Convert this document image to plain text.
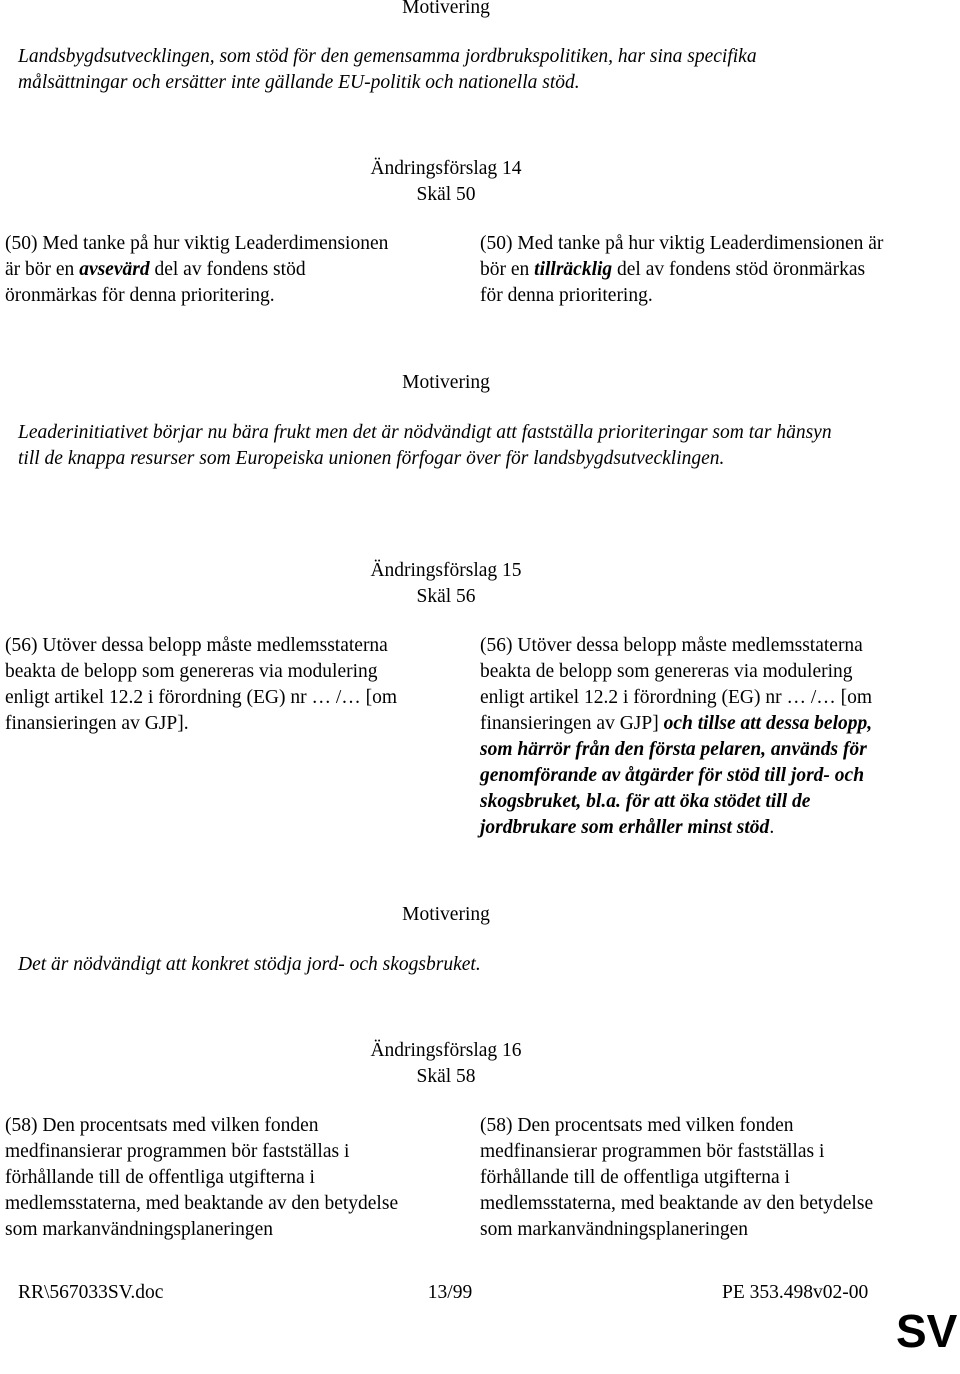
Motivering
Landsbygdsutvecklingen, som stöd för den gemensamma jordbrukspolitiken, har sina specifika målsättningar och ersätter inte gällande EU-politik och nationella stöd.
Ändringsförslag 14
Skäl 50
(50) Med tanke på hur viktig Leaderdimensionen är bör en avsevärd del av fondens stöd öronmärkas för denna prioritering.
(50) Med tanke på hur viktig Leaderdimensionen är bör en tillräcklig del av fondens stöd öronmärkas för denna prioritering.
Motivering
Leaderinitiativet börjar nu bära frukt men det är nödvändigt att fastställa prioriteringar som tar hänsyn till de knappa resurser som Europeiska unionen förfogar över för landsbygdsutvecklingen.
Ändringsförslag 15
Skäl 56
(56) Utöver dessa belopp måste medlemsstaterna beakta de belopp som genereras via modulering enligt artikel 12.2 i förordning (EG) nr … /… [om finansieringen av GJP].
(56) Utöver dessa belopp måste medlemsstaterna beakta de belopp som genereras via modulering enligt artikel 12.2 i förordning (EG) nr … /… [om finansieringen av GJP] och tillse att dessa belopp, som härrör från den första pelaren, används för genomförande av åtgärder för stöd till jord- och skogsbruket, bl.a. för att öka stödet till de jordbrukare som erhåller minst stöd.
Motivering
Det är nödvändigt att konkret stödja jord- och skogsbruket.
Ändringsförslag 16
Skäl 58
(58) Den procentsats med vilken fonden medfinansierar programmen bör fastställas i förhållande till de offentliga utgifterna i medlemsstaterna, med beaktande av den betydelse som markanvändningsplaneringen
(58) Den procentsats med vilken fonden medfinansierar programmen bör fastställas i förhållande till de offentliga utgifterna i medlemsstaterna, med beaktande av den betydelse som markanvändningsplaneringen
RR\567033SV.doc	13/99	PE 353.498v02-00
SV
